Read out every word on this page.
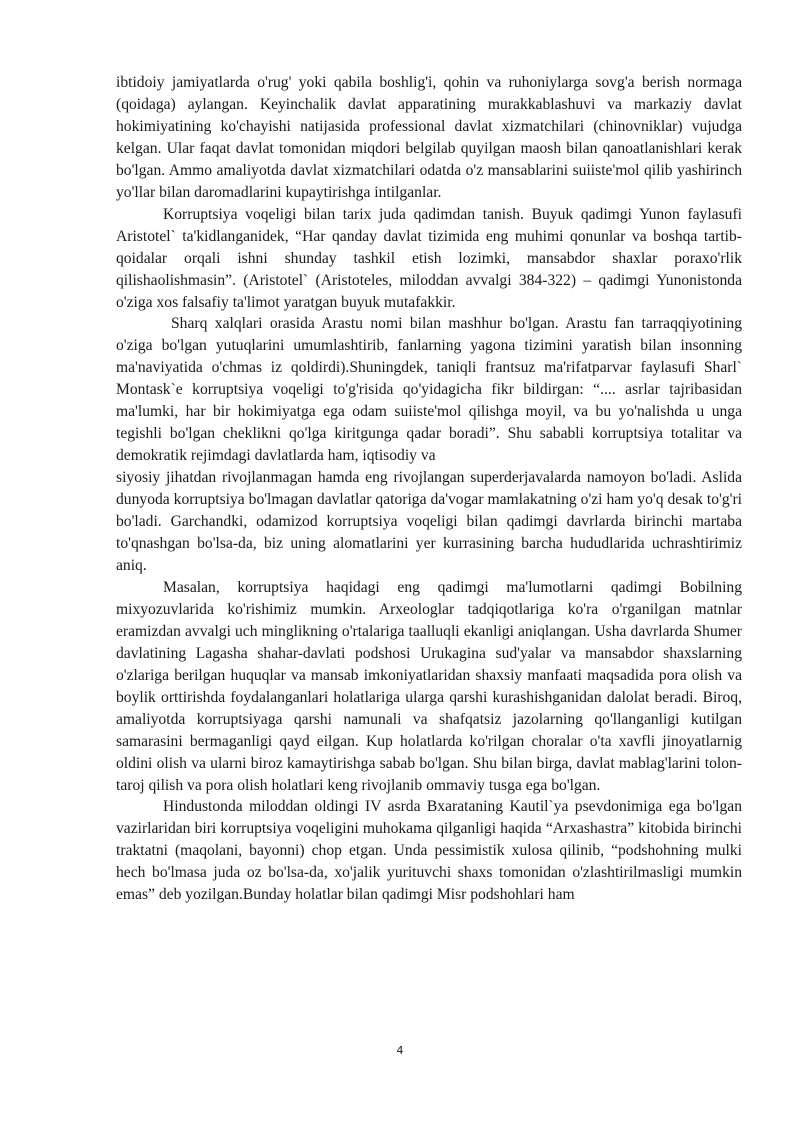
ibtidoiy jamiyatlarda o'rug' yoki qabila boshlig'i, qohin va ruhoniylarga sovg'a berish normaga (qoidaga) aylangan. Keyinchalik davlat apparatining murakkablashuvi va markaziy davlat hokimiyatining ko'chayishi natijasida professional davlat xizmatchilari (chinovniklar) vujudga kelgan. Ular faqat davlat tomonidan miqdori belgilab quyilgan maosh bilan qanoatlanishlari kerak bo'lgan. Ammo amaliyotda davlat xizmatchilari odatda o'z mansablarini suiiste'mol qilib yashirinch yo'llar bilan daromadlarini kupaytirishga intilganlar.

Korruptsiya voqeligi bilan tarix juda qadimdan tanish. Buyuk qadimgi Yunon faylasufi Aristotel` ta'kidlanganidek, “Har qanday davlat tizimida eng muhimi qonunlar va boshqa tartib-qoidalar orqali ishni shunday tashkil etish lozimki, mansabdor shaxlar poraxo'rlik qilishaolishmasin”. (Aristotel` (Aristoteles, miloddan avvalgi 384-322) – qadimgi Yunonistonda o'ziga xos falsafiy ta'limot yaratgan buyuk mutafakkir.

Sharq xalqlari orasida Arastu nomi bilan mashhur bo'lgan. Arastu fan tarraqqiyotining o'ziga bo'lgan yutuqlarini umumlashtirib, fanlarning yagona tizimini yaratish bilan insonning ma'naviyatida o'chmas iz qoldirdi).Shuningdek, taniqli frantsuz ma'rifatparvar faylasufi Sharl` Montask`e korruptsiya voqeligi to'g'risida qo'yidagicha fikr bildirgan: “.... asrlar tajribasidan ma'lumki, har bir hokimiyatga ega odam suiiste'mol qilishga moyil, va bu yo'nalishda u unga tegishli bo'lgan cheklikni qo'lga kiritgunga qadar boradi”. Shu sababli korruptsiya totalitar va demokratik rejimdagi davlatlarda ham, iqtisodiy va

siyosiy jihatdan rivojlanmagan hamda eng rivojlangan superderjavalarda namoyon bo'ladi. Aslida dunyoda korruptsiya bo'lmagan davlatlar qatoriga da'vogar mamlakatning o'zi ham yo'q desak to'g'ri bo'ladi. Garchandki, odamizod korruptsiya voqeligi bilan qadimgi davrlarda birinchi martaba to'qnashgan bo'lsa-da, biz uning alomatlarini yer kurrasining barcha hududlarida uchrashtirimiz aniq.

Masalan, korruptsiya haqidagi eng qadimgi ma'lumotlarni qadimgi Bobilning mixyozuvlarida ko'rishimiz mumkin. Arxeologlar tadqiqotlariga ko'ra o'rganilgan matnlar eramizdan avvalgi uch minglikning o'rtalariga taalluqli ekanligi aniqlangan. Usha davrlarda Shumer davlatining Lagasha shahar-davlati podshosi Urukagina sud'yalar va mansabdor shaxslarning o'zlariga berilgan huquqlar va mansab imkoniyatlaridan shaxsiy manfaati maqsadida pora olish va boylik orttirishda foydalanganlari holatlariga ularga qarshi kurashishganidan dalolat beradi. Biroq, amaliyotda korruptsiyaga qarshi namunali va shafqatsiz jazolarning qo'llanganligi kutilgan samarasini bermaganligi qayd eilgan. Kup holatlarda ko'rilgan choralar o'ta xavfli jinoyatlarnig oldini olish va ularni biroz kamaytirishga sabab bo'lgan. Shu bilan birga, davlat mablag'larini tolon-taroj qilish va pora olish holatlari keng rivojlanib ommaviy tusga ega bo'lgan.

Hindustonda miloddan oldingi IV asrda Bxarataning Kautil`ya psevdonimiga ega bo'lgan vazirlaridan biri korruptsiya voqeligini muhokama qilganligi haqida “Arxashastra” kitobida birinchi traktatni (maqolani, bayonni) chop etgan. Unda pessimistik xulosa qilinib, “podshohning mulki hech bo'lmasa juda oz bo'lsa-da, xo'jalik yurituvchi shaxs tomonidan o'zlashtirilmasligi mumkin emas” deb yozilgan.Bunday holatlar bilan qadimgi Misr podshohlari ham

4
